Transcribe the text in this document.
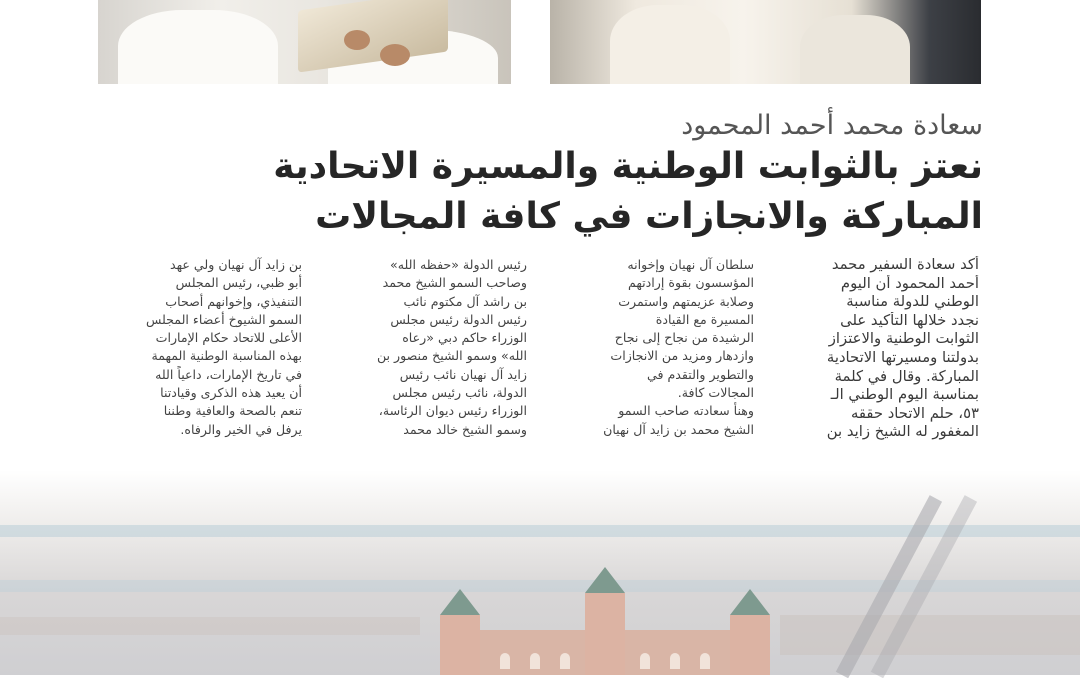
سعادة محمد أحمد المحمود
نعتز بالثوابت الوطنية والمسيرة الاتحادية
المباركة والانجازات في كافة المجالات
أكد سعادة السفير محمد
أحمد المحمود أن اليوم
الوطني للدولة مناسبة
نجدد خلالها التأكيد على
الثوابت الوطنية والاعتزاز
بدولتنا ومسيرتها الاتحادية
المباركة. وقال في كلمة
بمناسبة اليوم الوطني الـ
٥٣، حلم الاتحاد حققه
المغفور له الشيخ زايد بن
سلطان آل نهيان وإخوانه
المؤسسون بقوة إرادتهم
وصلابة عزيمتهم واستمرت
المسيرة مع القيادة
الرشيدة من نجاح إلى نجاح
وازدهار ومزيد من الانجازات
والتطوير والتقدم في
المجالات كافة.
وهنأ سعادته صاحب السمو
الشيخ محمد بن زايد آل نهيان
رئيس الدولة «حفظه الله»
وصاحب السمو الشيخ محمد
بن راشد آل مكتوم نائب
رئيس الدولة رئيس مجلس
الوزراء حاكم دبي «رعاه
الله» وسمو الشيخ منصور بن
زايد آل نهيان نائب رئيس
الدولة، نائب رئيس مجلس
الوزراء رئيس ديوان الرئاسة،
وسمو الشيخ خالد محمد
بن زايد آل نهيان ولي عهد
أبو ظبي، رئيس المجلس
التنفيذي، وإخوانهم أصحاب
السمو الشيوخ أعضاء المجلس
الأعلى للاتحاد حكام الإمارات
بهذه المناسبة الوطنية المهمة
في تاريخ الإمارات، داعياً الله
أن يعيد هذه الذكرى وقيادتنا
تنعم بالصحة والعافية وطننا
يرفل في الخير والرفاه.
